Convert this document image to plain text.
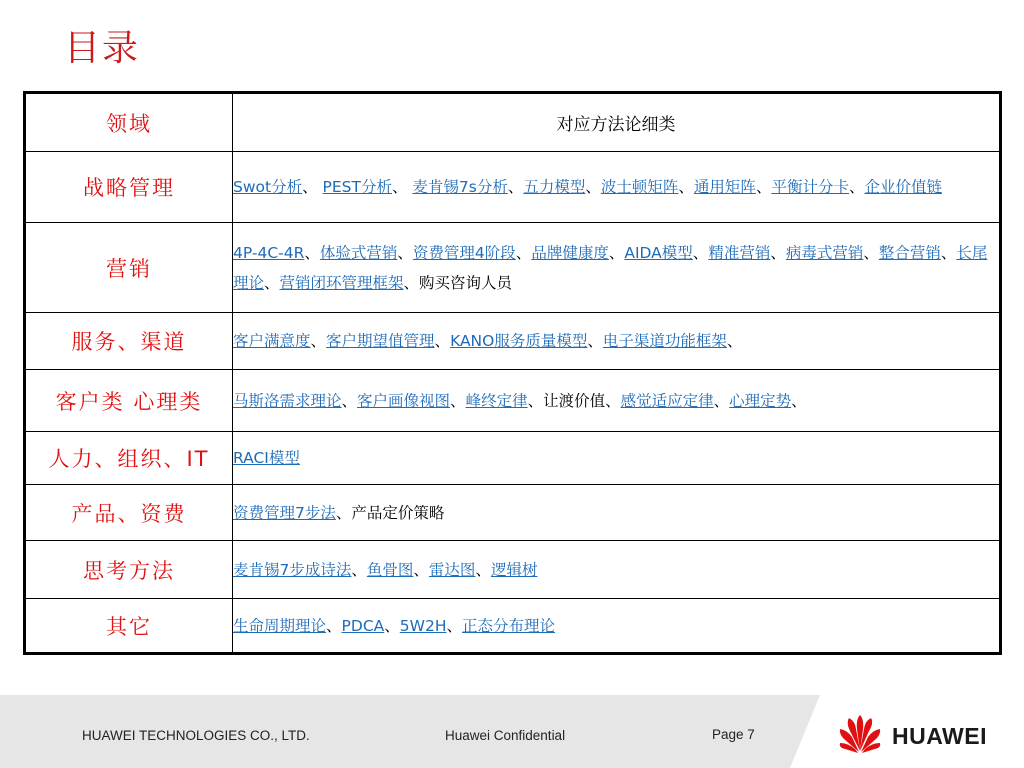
目录
领域	对应方法论细类
战略管理	Swot分析、 PEST分析、 麦肯锡7s分析、五力模型、波士顿矩阵、通用矩阵、平衡计分卡、企业价值链
营销	4P-4C-4R、体验式营销、资费管理4阶段、品牌健康度、AIDA模型、精准营销、病毒式营销、整合营销、长尾理论、营销闭环管理框架、购买咨询人员
服务、渠道	客户满意度、客户期望值管理、KANO服务质量模型、电子渠道功能框架、
客户类 心理类	马斯洛需求理论、客户画像视图、峰终定律、让渡价值、感觉适应定律、心理定势、
人力、组织、IT	RACI模型
产品、资费	资费管理7步法、产品定价策略
思考方法	麦肯锡7步成诗法、鱼骨图、雷达图、逻辑树
其它	生命周期理论、PDCA、5W2H、正态分布理论
HUAWEI TECHNOLOGIES CO., LTD.	Huawei Confidential	Page 7	HUAWEI
